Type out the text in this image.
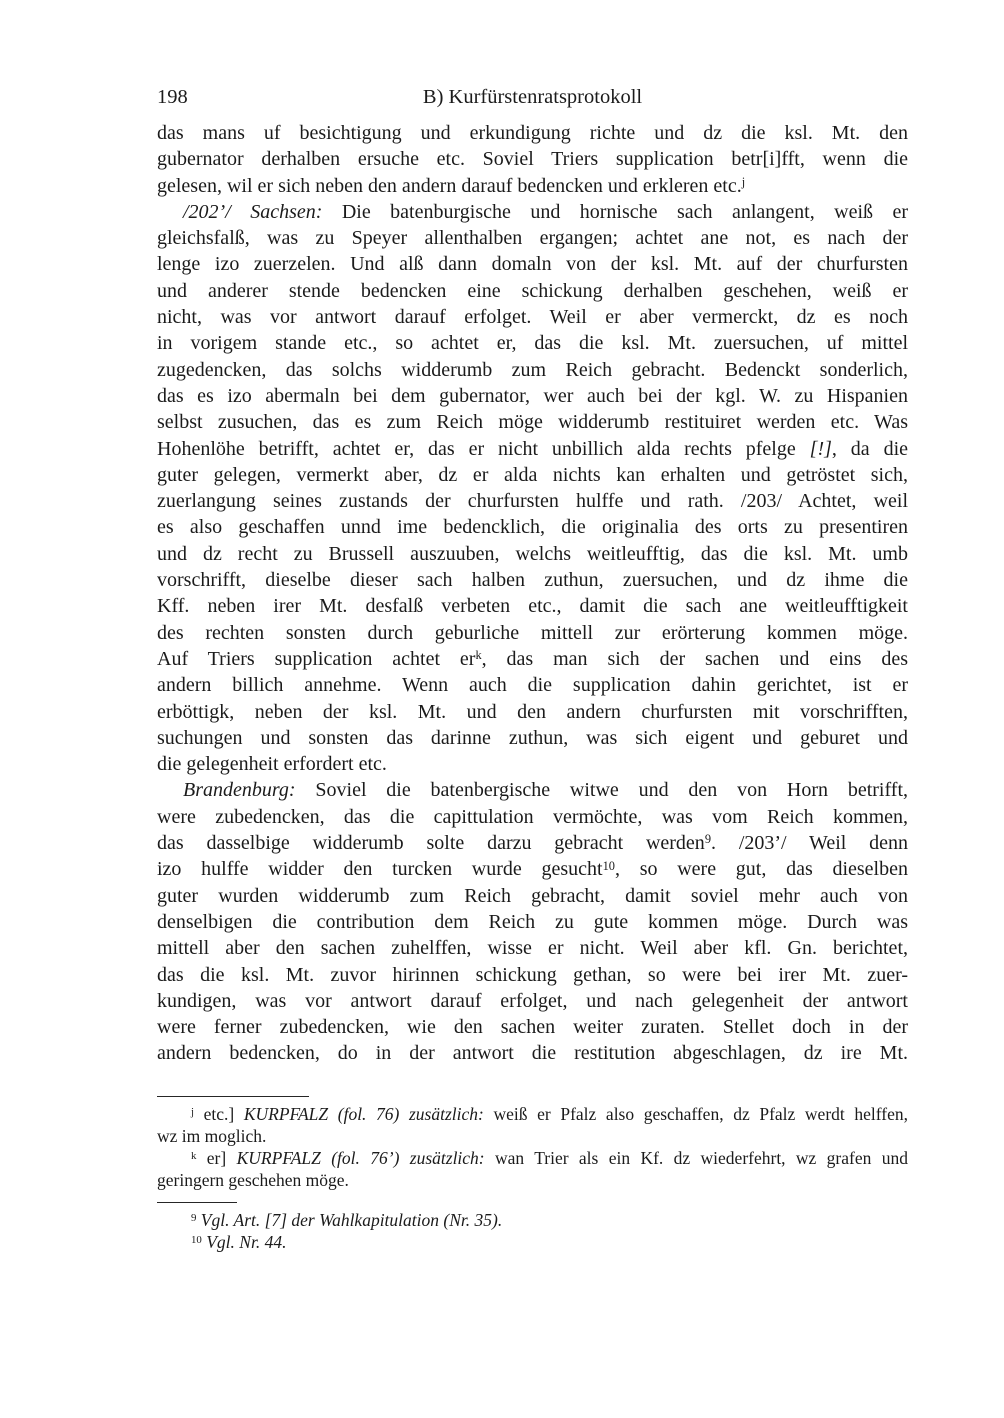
198	B) Kurfürstenratsprotokoll
das mans uf besichtigung und erkundigung richte und dz die ksl. Mt. den
gubernator derhalben ersuche etc. Soviel Triers supplication betr[i]fft, wenn die
gelesen, wil er sich neben den andern darauf bedencken und erkleren etc.$^j$
/202’/ Sachsen: Die batenburgische und hornische sach anlangent, weiß er
gleichsfalß, was zu Speyer allenthalben ergangen; achtet ane not, es nach der
lenge izo zuerzelen. Und alß dann domaln von der ksl. Mt. auf der churfursten
und anderer stende bedencken eine schickung derhalben geschehen, weiß er
nicht, was vor antwort darauf erfolget. Weil er aber vermerckt, dz es noch
in vorigem stande etc., so achtet er, das die ksl. Mt. zuersuchen, uf mittel
zugedencken, das solchs widderumb zum Reich gebracht. Bedenckt sonderlich,
das es izo abermaln bei dem gubernator, wer auch bei der kgl. W. zu Hispanien
selbst zusuchen, das es zum Reich möge widderumb restituiret werden etc. Was
Hohenlöhe betrifft, achtet er, das er nicht unbillich alda rechts pfelge [!], da die
guter gelegen, vermerkt aber, dz er alda nichts kan erhalten und getröstet sich,
zuerlangung seines zustands der churfursten hulffe und rath. /203/ Achtet, weil
es also geschaffen unnd ime bedencklich, die originalia des orts zu presentiren
und dz recht zu Brussell auszuuben, welchs weitleufftig, das die ksl. Mt. umb
vorschrifft, dieselbe dieser sach halben zuthun, zuersuchen, und dz ihme die
Kff. neben irer Mt. desfalß verbeten etc., damit die sach ane weitleufftigkeit
des rechten sonsten durch geburliche mittell zur erörterung kommen möge.
Auf Triers supplication achtet $er^k$, das man sich der sachen und eins des
andern billich annehme. Wenn auch die supplication dahin gerichtet, ist er
erböttigk, neben der ksl. Mt. und den andern churfursten mit vorschrifften,
suchungen und sonsten das darinne zuthun, was sich eigent und geburet und
die gelegenheit erfordert etc.
Brandenburg: Soviel die batenbergische witwe und den von Horn betrifft,
were zubedencken, das die capittulation vermöchte, was vom Reich kommen,
das dasselbige widderumb solte darzu gebracht werden$^9$. /203’/ Weil denn
izo hulffe widder den turcken wurde gesucht$^{10}$, so were gut, das dieselben
guter wurden widderumb zum Reich gebracht, damit soviel mehr auch von
denselbigen die contribution dem Reich zu gute kommen möge. Durch was
mittell aber den sachen zuhelffen, wisse er nicht. Weil aber kfl. Gn. berichtet,
das die ksl. Mt. zuvor hirinnen schickung gethan, so were bei irer Mt. zuer-
kundigen, was vor antwort darauf erfolget, und nach gelegenheit der antwort
were ferner zubedencken, wie den sachen weiter zuraten. Stellet doch in der
andern bedencken, do in der antwort die restitution abgeschlagen, dz ire Mt.
$^j$ etc.] KURPFALZ (fol. 76) zusätzlich: weiß er Pfalz also geschaffen, dz Pfalz werdt helffen,
wz im moglich.
$^k$ er] KURPFALZ (fol. 76’) zusätzlich: wan Trier als ein Kf. dz wiederfehrt, wz grafen und
geringern geschehen möge.
$^9$ Vgl. Art. [7] der Wahlkapitulation (Nr. 35).
$^{10}$ Vgl. Nr. 44.
